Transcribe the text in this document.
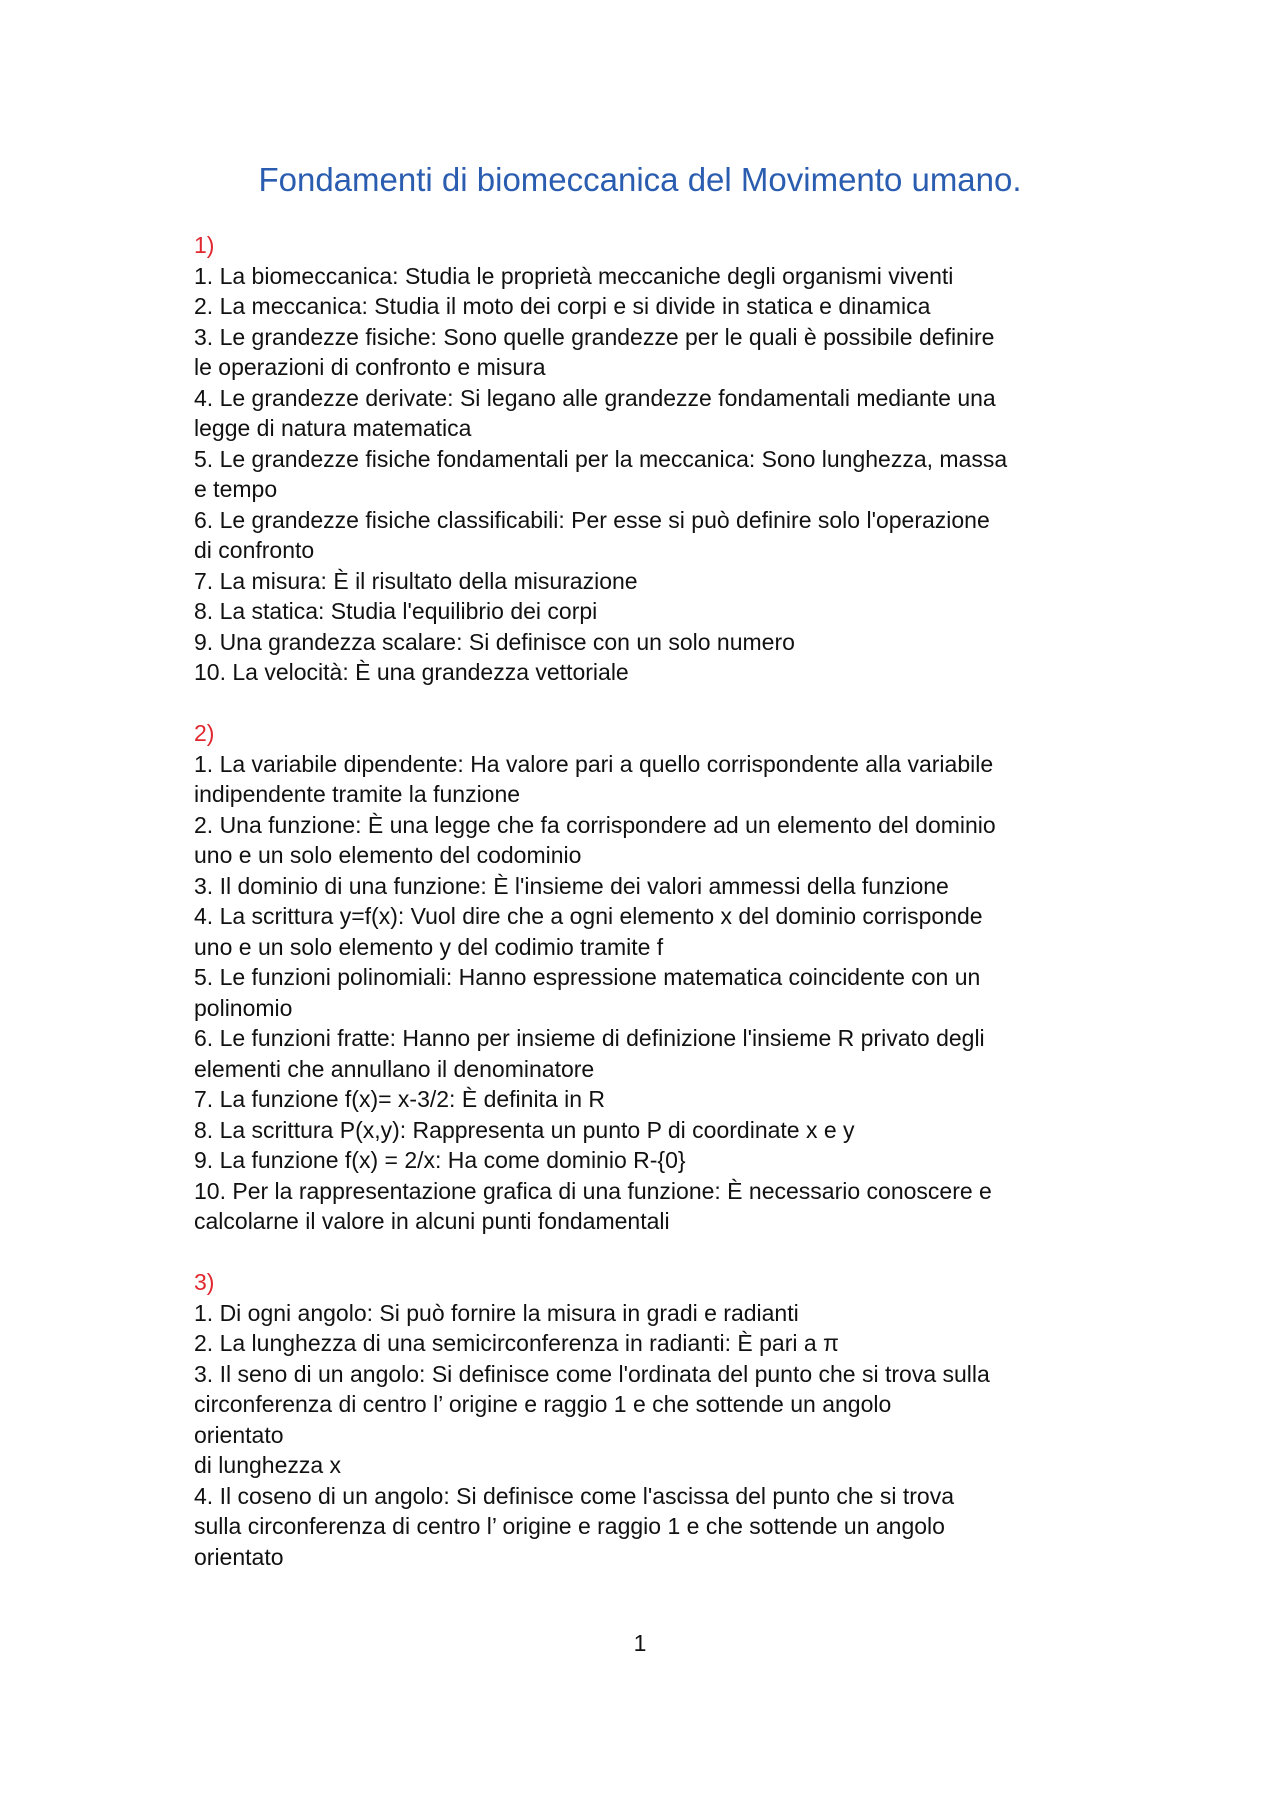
Fondamenti di biomeccanica del Movimento umano.
1)
1. La biomeccanica: Studia le proprietà meccaniche degli organismi viventi
2. La meccanica: Studia il moto dei corpi e si divide in statica e dinamica
3. Le grandezze fisiche: Sono quelle grandezze per le quali è possibile definire
le operazioni di confronto e misura
4. Le grandezze derivate: Si legano alle grandezze fondamentali mediante una
legge di natura matematica
5. Le grandezze fisiche fondamentali per la meccanica: Sono lunghezza, massa
e tempo
6. Le grandezze fisiche classificabili: Per esse si può definire solo l'operazione
di confronto
7. La misura: È il risultato della misurazione
8. La statica: Studia l'equilibrio dei corpi
9. Una grandezza scalare: Si definisce con un solo numero
10. La velocità: È una grandezza vettoriale
2)
1. La variabile dipendente: Ha valore pari a quello corrispondente alla variabile
indipendente tramite la funzione
2. Una funzione: È una legge che fa corrispondere ad un elemento del dominio
uno e un solo elemento del codominio
3. Il dominio di una funzione: È l'insieme dei valori ammessi della funzione
4. La scrittura y=f(x): Vuol dire che a ogni elemento x del dominio corrisponde
uno e un solo elemento y del codimio tramite f
5. Le funzioni polinomiali: Hanno espressione matematica coincidente con un
polinomio
6. Le funzioni fratte: Hanno per insieme di definizione l'insieme R privato degli
elementi che annullano il denominatore
7. La funzione f(x)= x-3/2: È definita in R
8. La scrittura P(x,y): Rappresenta un punto P di coordinate x e y
9. La funzione f(x) = 2/x: Ha come dominio R-{0}
10. Per la rappresentazione grafica di una funzione: È necessario conoscere e
calcolarne il valore in alcuni punti fondamentali
3)
1. Di ogni angolo: Si può fornire la misura in gradi e radianti
2. La lunghezza di una semicirconferenza in radianti: È pari a π
3. Il seno di un angolo: Si definisce come l'ordinata del punto che si trova sulla
circonferenza di centro l’ origine e raggio 1 e che sottende un angolo
orientato
di lunghezza x
4. Il coseno di un angolo: Si definisce come l'ascissa del punto che si trova
sulla circonferenza di centro l’ origine e raggio 1 e che sottende un angolo
orientato
1
